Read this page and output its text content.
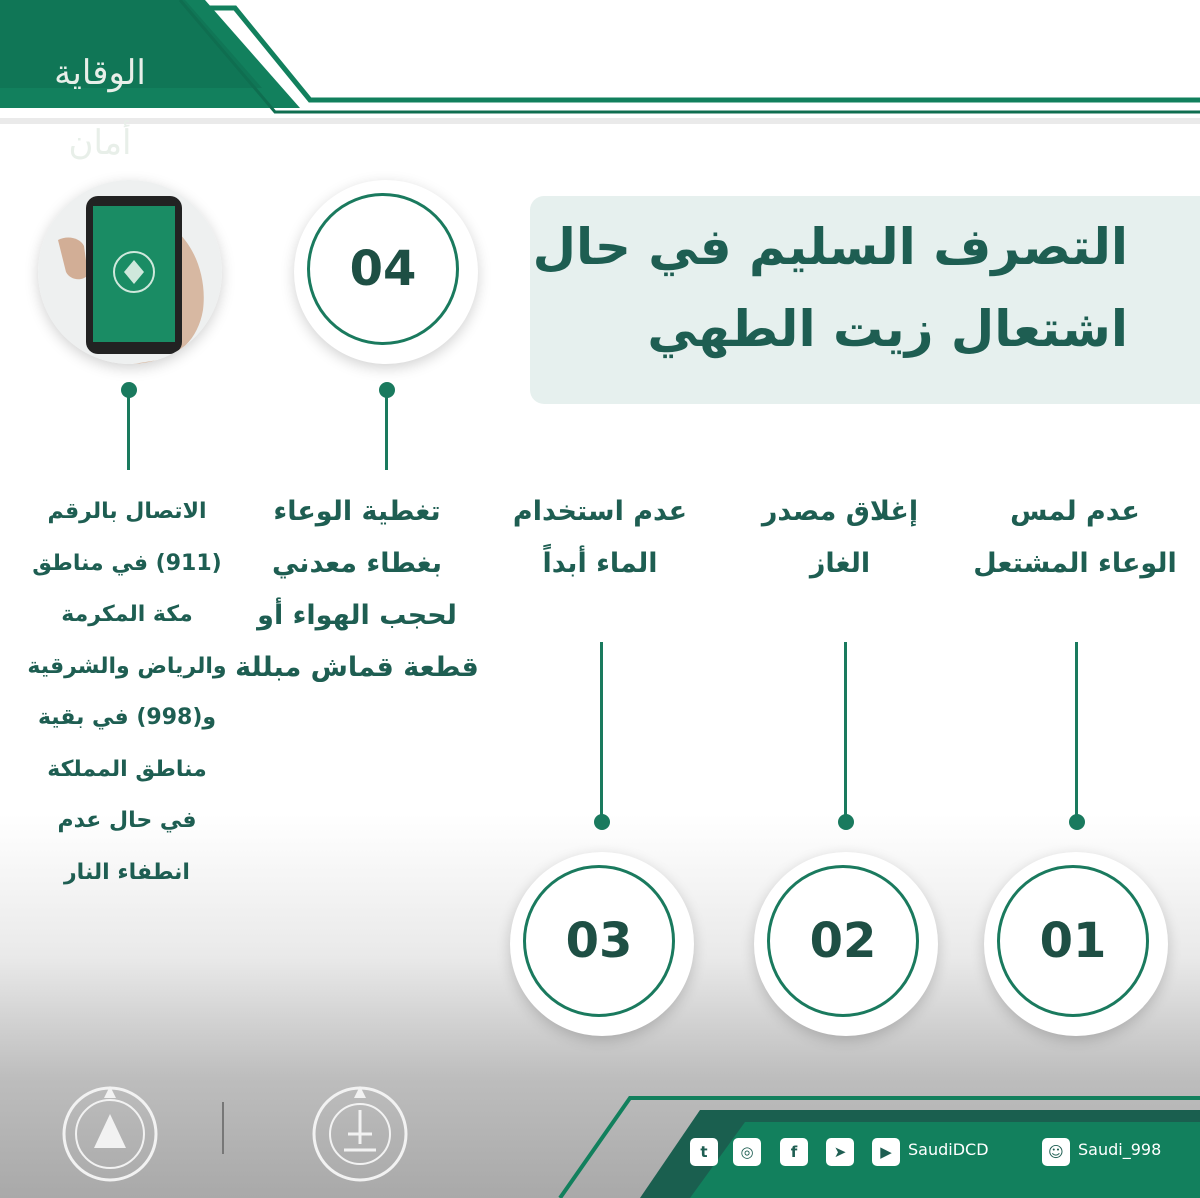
الوقاية أمان
التصرف السليم في حال
اشتعال زيت الطهي
04
عدم لمس
الوعاء المشتعل
إغلاق مصدر
الغاز
عدم استخدام
الماء أبداً
تغطية الوعاء
بغطاء معدني
لحجب الهواء أو
قطعة قماش مبللة
الاتصال بالرقم
(911) في مناطق
مكة المكرمة
والرياض والشرقية
و(998) في بقية
مناطق المملكة
في حال عدم
انطفاء النار
01
02
03
t ◎ f ➤ ▶ SaudiDCD	☺ Saudi_998
